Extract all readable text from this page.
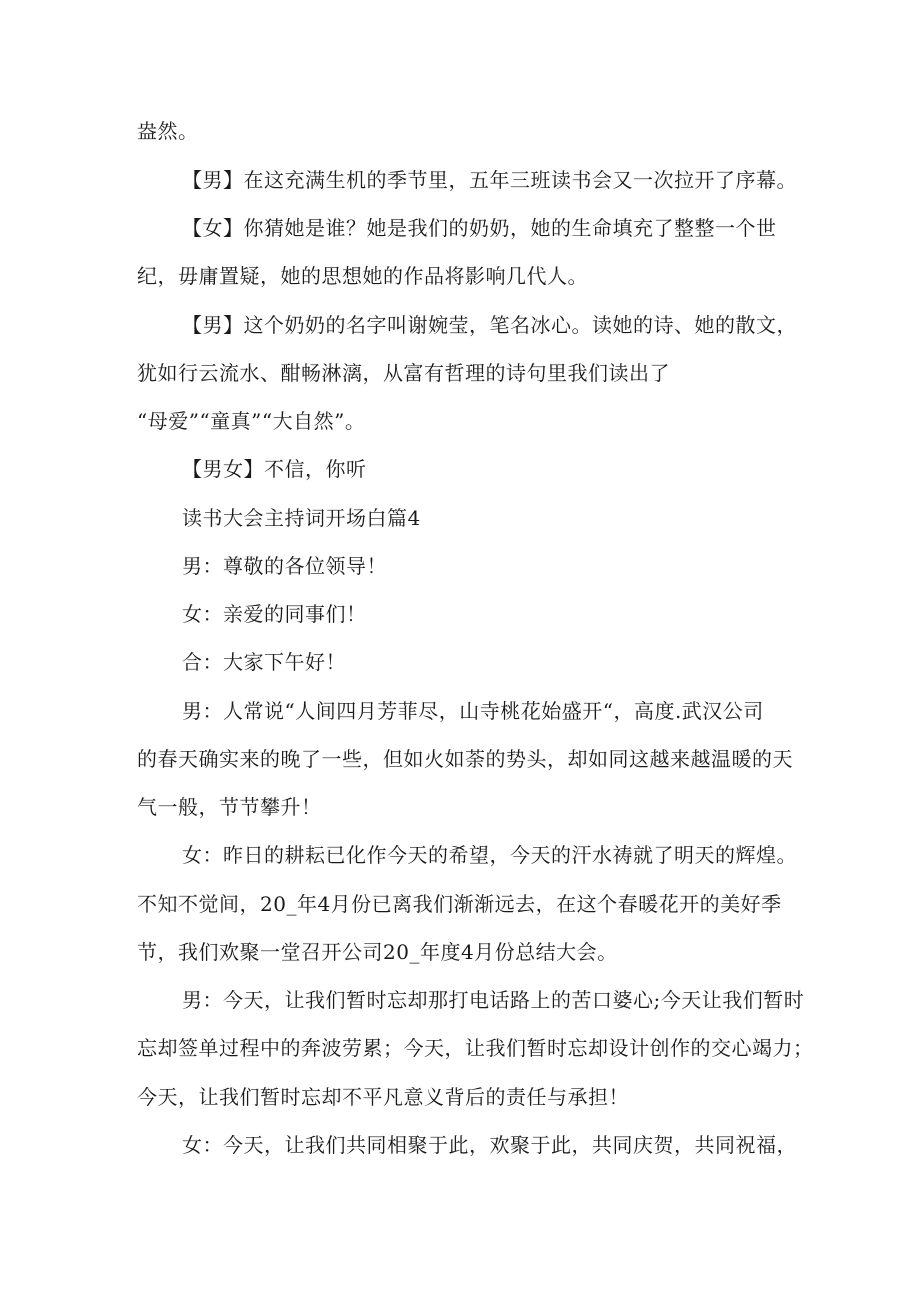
盎然。
【男】在这充满生机的季节里，五年三班读书会又一次拉开了序幕。
【女】你猜她是谁？她是我们的奶奶，她的生命填充了整整一个世
纪，毋庸置疑，她的思想她的作品将影响几代人。
【男】这个奶奶的名字叫谢婉莹，笔名冰心。读她的诗、她的散文，
犹如行云流水、酣畅淋漓，从富有哲理的诗句里我们读出了
“母爱”“童真”“大自然”。
【男女】不信，你听
读书大会主持词开场白篇4
男：尊敬的各位领导！
女：亲爱的同事们！
合：大家下午好！
男：人常说“人间四月芳菲尽，山寺桃花始盛开“，高度.武汉公司
的春天确实来的晚了一些，但如火如荼的势头，却如同这越来越温暖的天
气一般，节节攀升！
女：昨日的耕耘已化作今天的希望，今天的汗水祷就了明天的辉煌。
不知不觉间，20_年4月份已离我们渐渐远去，在这个春暖花开的美好季
节，我们欢聚一堂召开公司20_年度4月份总结大会。
男：今天，让我们暂时忘却那打电话路上的苦口婆心;今天让我们暂时
忘却签单过程中的奔波劳累；今天，让我们暂时忘却设计创作的交心竭力；
今天，让我们暂时忘却不平凡意义背后的责任与承担！
女：今天，让我们共同相聚于此，欢聚于此，共同庆贺，共同祝福，
